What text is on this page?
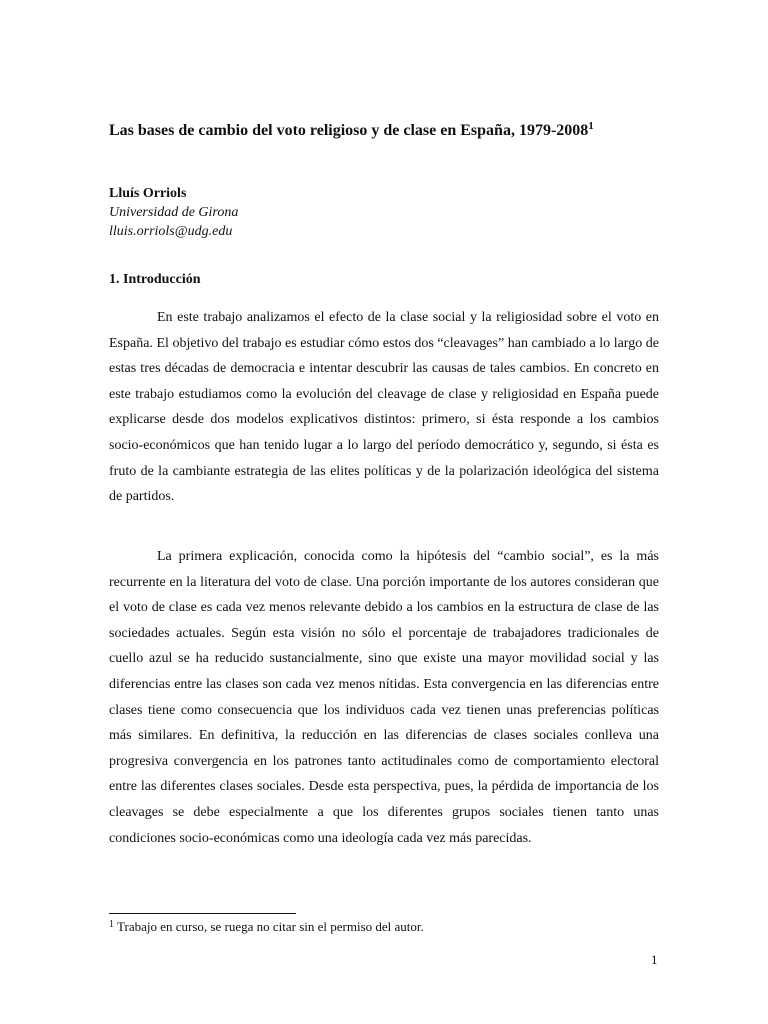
Las bases de cambio del voto religioso y de clase en España, 1979-2008$^1$
Lluís Orriols
Universidad de Girona
lluis.orriols@udg.edu
1. Introducción

En este trabajo analizamos el efecto de la clase social y la religiosidad sobre el voto en España. El objetivo del trabajo es estudiar cómo estos dos “cleavages” han cambiado a lo largo de estas tres décadas de democracia e intentar descubrir las causas de tales cambios. En concreto en este trabajo estudiamos como la evolución del cleavage de clase y religiosidad en España puede explicarse desde dos modelos explicativos distintos: primero, si ésta responde a los cambios socio-económicos que han tenido lugar a lo largo del período democrático y, segundo, si ésta es fruto de la cambiante estrategia de las elites políticas y de la polarización ideológica del sistema de partidos.

La primera explicación, conocida como la hipótesis del “cambio social”, es la más recurrente en la literatura del voto de clase. Una porción importante de los autores consideran que el voto de clase es cada vez menos relevante debido a los cambios en la estructura de clase de las sociedades actuales. Según esta visión no sólo el porcentaje de trabajadores tradicionales de cuello azul se ha reducido sustancialmente, sino que existe una mayor movilidad social y las diferencias entre las clases son cada vez menos nítidas. Esta convergencia en las diferencias entre clases tiene como consecuencia que los individuos cada vez tienen unas preferencias políticas más similares. En definitiva, la reducción en las diferencias de clases sociales conlleva una progresiva convergencia en los patrones tanto actitudinales como de comportamiento electoral entre las diferentes clases sociales. Desde esta perspectiva, pues, la pérdida de importancia de los cleavages se debe especialmente a que los diferentes grupos sociales tienen tanto unas condiciones socio-económicas como una ideología cada vez más parecidas.

$^1$ Trabajo en curso, se ruega no citar sin el permiso del autor.
1
